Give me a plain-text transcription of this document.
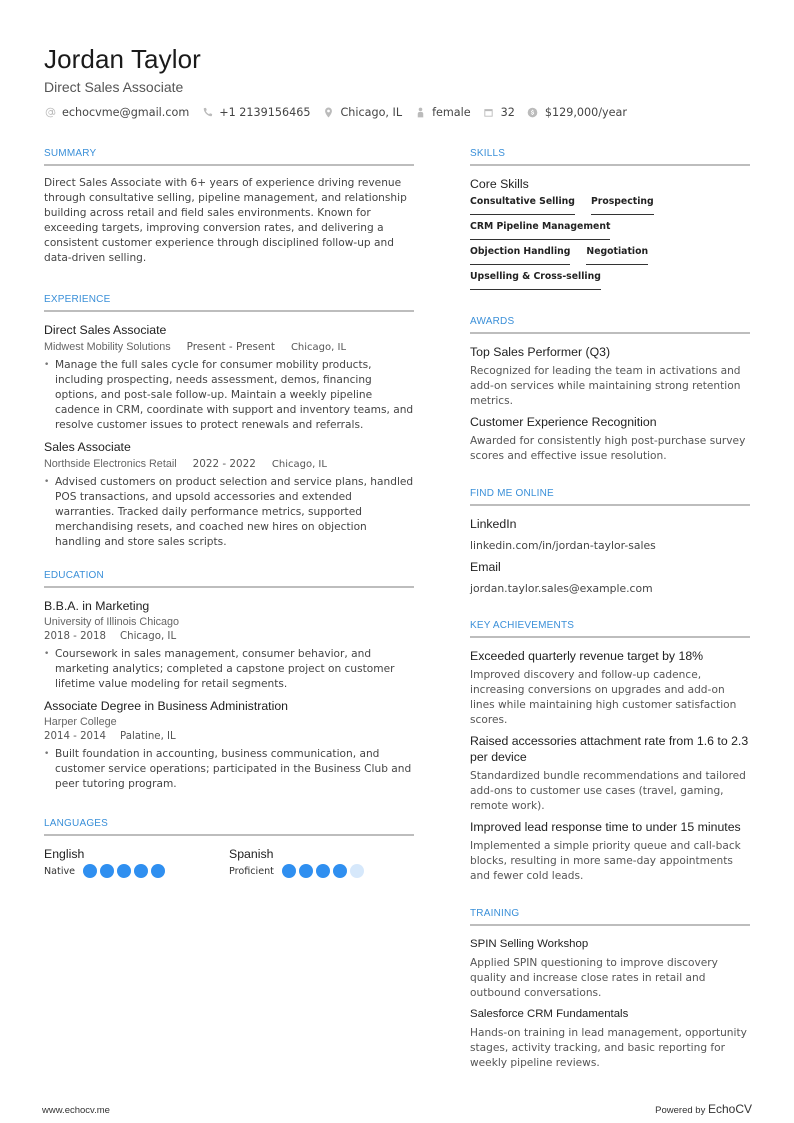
Jordan Taylor
Direct Sales Associate
echocvme@gmail.com	+1 2139156465	Chicago, IL	female	32	$129,000/year
SUMMARY
Direct Sales Associate with 6+ years of experience driving revenue through consultative selling, pipeline management, and relationship building across retail and field sales environments. Known for exceeding targets, improving conversion rates, and delivering a consistent customer experience through disciplined follow-up and data-driven selling.
EXPERIENCE
Direct Sales Associate
Midwest Mobility Solutions Present - Present Chicago, IL
• Manage the full sales cycle for consumer mobility products, including prospecting, needs assessment, demos, financing options, and post-sale follow-up. Maintain a weekly pipeline cadence in CRM, coordinate with support and inventory teams, and resolve customer issues to protect renewals and referrals.
Sales Associate
Northside Electronics Retail 2022 - 2022 Chicago, IL
• Advised customers on product selection and service plans, handled POS transactions, and upsold accessories and extended warranties. Tracked daily performance metrics, supported merchandising resets, and coached new hires on objection handling and store sales scripts.
EDUCATION
B.B.A. in Marketing
University of Illinois Chicago
2018 - 2018 Chicago, IL
• Coursework in sales management, consumer behavior, and marketing analytics; completed a capstone project on customer lifetime value modeling for retail segments.
Associate Degree in Business Administration
Harper College
2014 - 2014 Palatine, IL
• Built foundation in accounting, business communication, and customer service operations; participated in the Business Club and peer tutoring program.
LANGUAGES
English
Native
Spanish
Proficient
SKILLS
Core Skills
Consultative Selling Prospecting
CRM Pipeline Management
Objection Handling Negotiation
Upselling & Cross-selling
AWARDS
Top Sales Performer (Q3)
Recognized for leading the team in activations and add-on services while maintaining strong retention metrics.
Customer Experience Recognition
Awarded for consistently high post-purchase survey scores and effective issue resolution.
FIND ME ONLINE
LinkedIn
linkedin.com/in/jordan-taylor-sales
Email
jordan.taylor.sales@example.com
KEY ACHIEVEMENTS
Exceeded quarterly revenue target by 18%
Improved discovery and follow-up cadence, increasing conversions on upgrades and add-on lines while maintaining high customer satisfaction scores.
Raised accessories attachment rate from 1.6 to 2.3 per device
Standardized bundle recommendations and tailored add-ons to customer use cases (travel, gaming, remote work).
Improved lead response time to under 15 minutes
Implemented a simple priority queue and call-back blocks, resulting in more same-day appointments and fewer cold leads.
TRAINING
SPIN Selling Workshop
Applied SPIN questioning to improve discovery quality and increase close rates in retail and outbound conversations.
Salesforce CRM Fundamentals
Hands-on training in lead management, opportunity stages, activity tracking, and basic reporting for weekly pipeline reviews.
www.echocv.me	Powered by EchoCV
